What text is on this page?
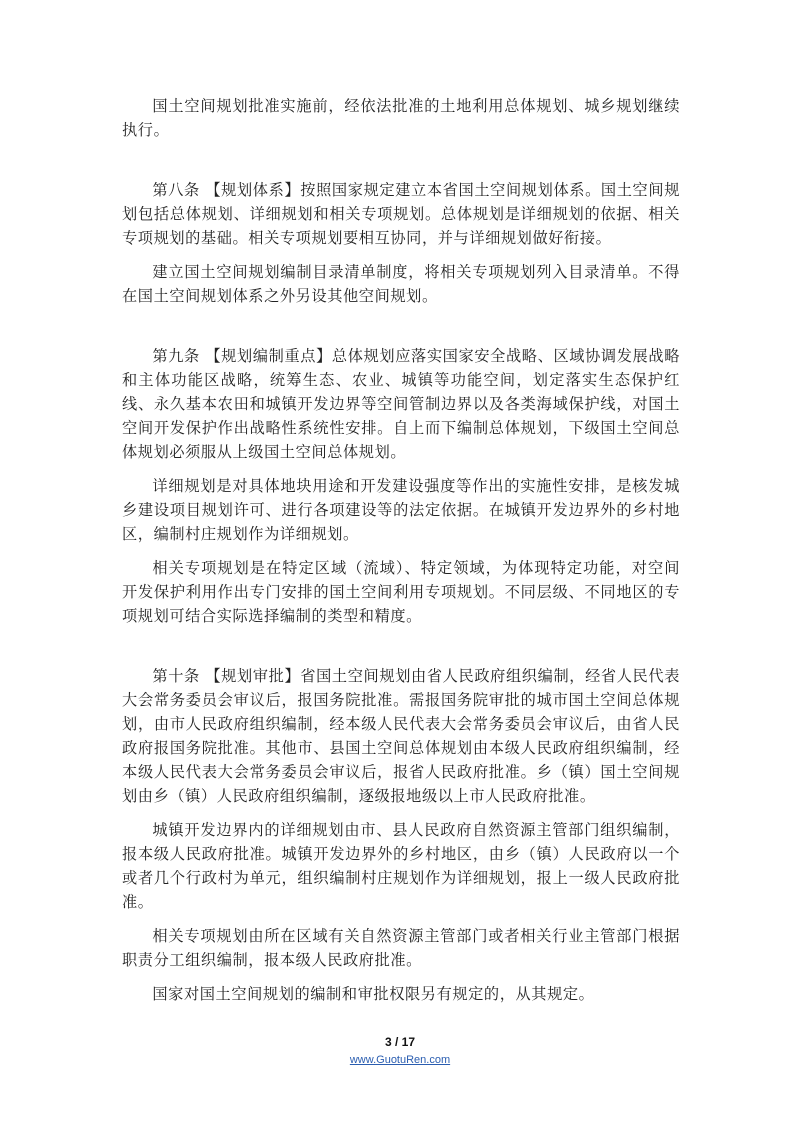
国土空间规划批准实施前，经依法批准的土地利用总体规划、城乡规划继续执行。

第八条 【规划体系】按照国家规定建立本省国土空间规划体系。国土空间规划包括总体规划、详细规划和相关专项规划。总体规划是详细规划的依据、相关专项规划的基础。相关专项规划要相互协同，并与详细规划做好衔接。

建立国土空间规划编制目录清单制度，将相关专项规划列入目录清单。不得在国土空间规划体系之外另设其他空间规划。

第九条 【规划编制重点】总体规划应落实国家安全战略、区域协调发展战略和主体功能区战略，统筹生态、农业、城镇等功能空间，划定落实生态保护红线、永久基本农田和城镇开发边界等空间管制边界以及各类海域保护线，对国土空间开发保护作出战略性系统性安排。自上而下编制总体规划，下级国土空间总体规划必须服从上级国土空间总体规划。

详细规划是对具体地块用途和开发建设强度等作出的实施性安排，是核发城乡建设项目规划许可、进行各项建设等的法定依据。在城镇开发边界外的乡村地区，编制村庄规划作为详细规划。

相关专项规划是在特定区域（流域）、特定领域，为体现特定功能，对空间开发保护利用作出专门安排的国土空间利用专项规划。不同层级、不同地区的专项规划可结合实际选择编制的类型和精度。

第十条 【规划审批】省国土空间规划由省人民政府组织编制，经省人民代表大会常务委员会审议后，报国务院批准。需报国务院审批的城市国土空间总体规划，由市人民政府组织编制，经本级人民代表大会常务委员会审议后，由省人民政府报国务院批准。其他市、县国土空间总体规划由本级人民政府组织编制，经本级人民代表大会常务委员会审议后，报省人民政府批准。乡（镇）国土空间规划由乡（镇）人民政府组织编制，逐级报地级以上市人民政府批准。

城镇开发边界内的详细规划由市、县人民政府自然资源主管部门组织编制，报本级人民政府批准。城镇开发边界外的乡村地区，由乡（镇）人民政府以一个或者几个行政村为单元，组织编制村庄规划作为详细规划，报上一级人民政府批准。

相关专项规划由所在区域有关自然资源主管部门或者相关行业主管部门根据职责分工组织编制，报本级人民政府批准。

国家对国土空间规划的编制和审批权限另有规定的，从其规定。

3 / 17
www.GuotuRen.com
